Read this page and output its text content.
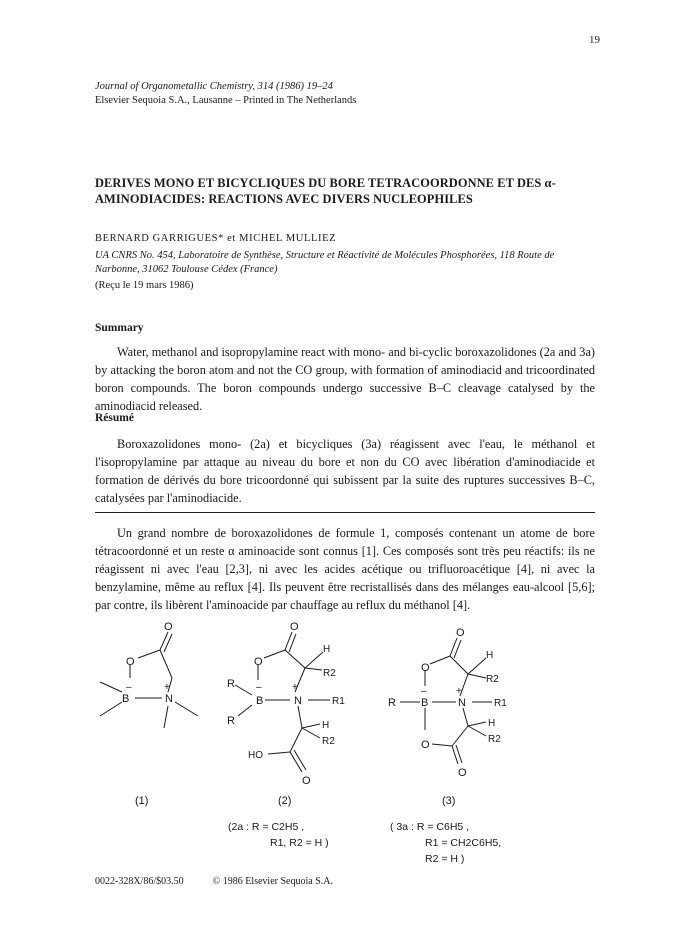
19
Journal of Organometallic Chemistry, 314 (1986) 19–24
Elsevier Sequoia S.A., Lausanne – Printed in The Netherlands
DERIVES MONO ET BICYCLIQUES DU BORE TETRACOORDONNE ET DES α-AMINODIACIDES: REACTIONS AVEC DIVERS NUCLEOPHILES
BERNARD GARRIGUES* et MICHEL MULLIEZ
UA CNRS No. 454, Laboratoire de Synthèse, Structure et Réactivité de Molécules Phosphorées, 118 Route de Narbonne, 31062 Toulouse Cédex (France)
(Reçu le 19 mars 1986)
Summary
Water, methanol and isopropylamine react with mono- and bi-cyclic boroxazolidones (2a and 3a) by attacking the boron atom and not the CO group, with formation of aminodiacid and tricoordinated boron compounds. The boron compounds undergo successive B–C cleavage catalysed by the aminodiacid released.
Résumé
Boroxazolidones mono- (2a) et bicycliques (3a) réagissent avec l'eau, le méthanol et l'isopropylamine par attaque au niveau du bore et non du CO avec libération d'aminodiacide et formation de dérivés du bore tricoordonné qui subissent par la suite des ruptures successives B–C, catalysées par l'aminodiacide.
Un grand nombre de boroxazolidones de formule 1, composés contenant un atome de bore tétracoordonné et un reste α aminoacide sont connus [1]. Ces composés sont très peu réactifs: ils ne réagissent ni avec l'eau [2,3], ni avec les acides acétique ou trifluoroacétique [4], ni avec la benzylamine, même au reflux [4]. Ils peuvent être recristallisés dans des mélanges eau-alcool [5,6]; par contre, ils libèrent l'aminoacide par chauffage au reflux du méthanol [4].
O
O
B	N
–	+
O
O
H
R2
R
R
B	N	R1
–	+
H
R2
HO
O
O
O
H
R2
R B	N	R1
–	+
H
R2
O
O
(1)	(2)	(3)
(2a : R = C2H5 ,
R1, R2 = H )
( 3a : R = C6H5 ,
R1 = CH2C6H5,
R2 = H )
0022-328X/86/$03.50	© 1986 Elsevier Sequoia S.A.
